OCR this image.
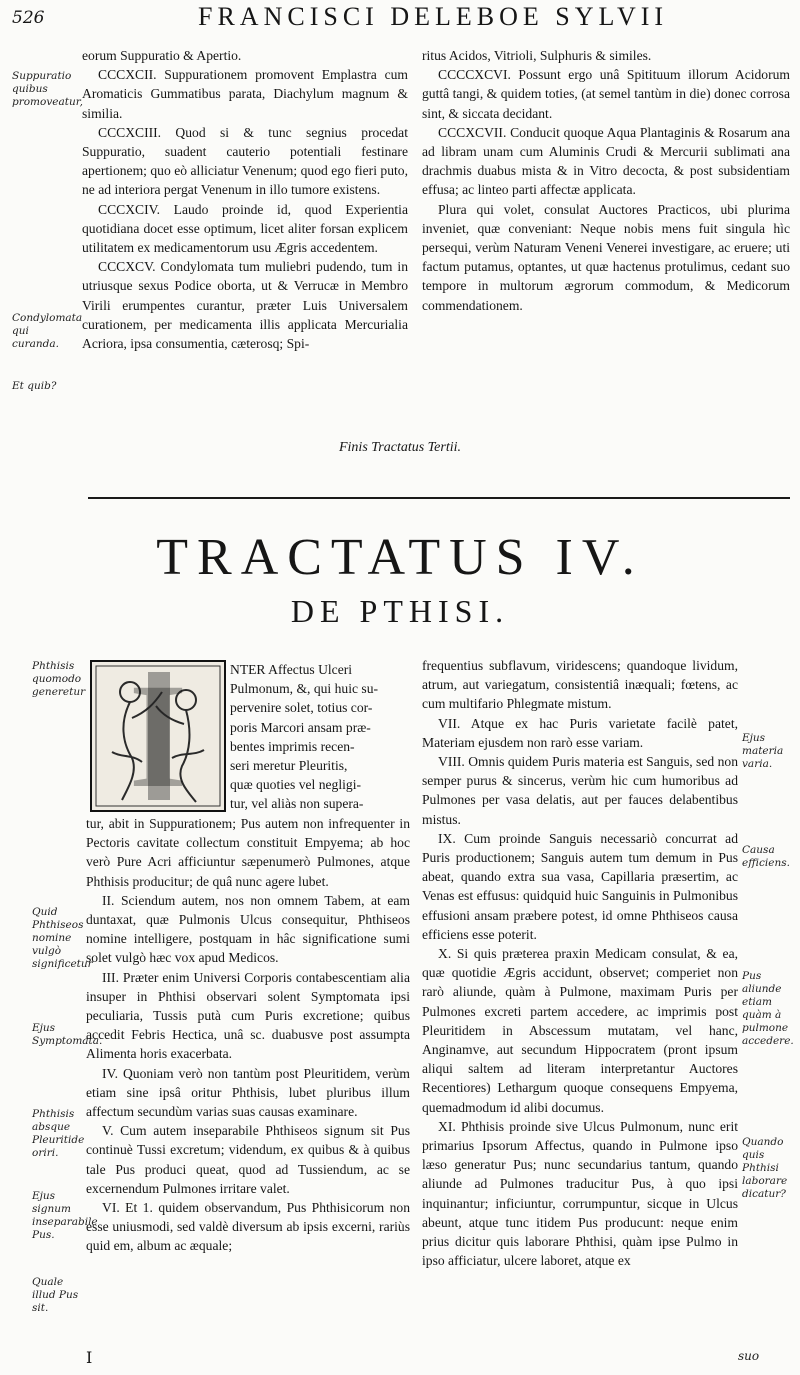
526	FRANCISCI DELEBOE SYLVII
Suppuratio quibus promoveatur,
Condylomata qui curanda.
Et quib?

eorum Suppuratio & Apertio.

CCCXCII. Suppurationem promovent Emplastra cum Aromaticis Gummatibus parata, Diachylum magnum & similia.

CCCXCIII. Quod si & tunc segnius procedat Suppuratio, suadent cauterio potentiali festinare apertionem; quo eò alliciatur Venenum; quod ego fieri puto, ne ad interiora pergat Venenum in illo tumore existens.

CCCXCIV. Laudo proinde id, quod Experientia quotidiana docet esse optimum, licet aliter forsan explicem utilitatem ex medicamentorum usu Ægris accedentem.

CCCXCV. Condylomata tum muliebri pudendo, tum in utriusque sexus Podice oborta, ut & Verrucæ in Membro Virili erumpentes curantur, præter Luis Universalem curationem, per medicamenta illis applicata Mercurialia Acriora, ipsa consumentia, cæterosq; Spi-

ritus Acidos, Vitrioli, Sulphuris & similes.

CCCCXCVI. Possunt ergo unâ Spitituum illorum Acidorum guttâ tangi, & quidem toties, (at semel tantùm in die) donec corrosa sint, & siccata decidant.

CCCXCVII. Conducit quoque Aqua Plantaginis & Rosarum ana ad libram unam cum Aluminis Crudi & Mercurii sublimati ana drachmis duabus mista & in Vitro decocta, & post subsidentiam effusa; ac linteo parti affectæ applicata.

Plura qui volet, consulat Auctores Practicos, ubi plurima inveniet, quæ conveniant: Neque nobis mens fuit singula hìc persequi, verùm Naturam Veneni Venerei investigare, ac eruere; uti factum putamus, optantes, ut quæ hactenus protulimus, cedant suo tempore in multorum ægrorum commodum, & Medicorum commendationem.

Finis Tractatus Tertii.
TRACTATUS IV.
DE PTHISI.
I
Phthisis quomodo generetur
Quid Phthiseos nomine vulgò significetur
Ejus Symptomata.
Phthisis absque Pleuritide oriri.
Ejus signum inseparabile Pus.
Quale illud Pus sit.
Ejus materia varia.
Causa efficiens.
Pus aliunde etiam quàm à pulmone accedere.
Quando quis Phthisi laborare dicatur?

NTER Affectus Ulceri

Pulmonum, &, qui huic su-

pervenire solet, totius cor-

poris Marcori ansam præ-

bentes imprimis recen-

seri meretur Pleuritis,

quæ quoties vel negligi-

tur, vel aliàs non supera-

tur, abit in Suppurationem; Pus autem non infrequenter in Pectoris cavitate collectum constituit Empyema; ab hoc verò Pure Acri afficiuntur sæpenumerò Pulmones, atque Phthisis producitur; de quâ nunc agere lubet.

II. Sciendum autem, nos non omnem Tabem, at eam duntaxat, quæ Pulmonis Ulcus consequitur, Phthiseos nomine intelligere, postquam in hâc significatione sumi solet vulgò hæc vox apud Medicos.

III. Præter enim Universi Corporis contabescentiam alia insuper in Phthisi observari solent Symptomata ipsi peculiaria, Tussis putà cum Puris excretione; quibus accedit Febris Hectica, unâ sc. duabusve post assumpta Alimenta horis exacerbata.

IV. Quoniam verò non tantùm post Pleuritidem, verùm etiam sine ipsâ oritur Phthisis, lubet pluribus illum affectum secundùm varias suas causas examinare.

V. Cum autem inseparabile Phthiseos signum sit Pus continuè Tussi excretum; videndum, ex quibus & à quibus tale Pus produci queat, quod ad Tussiendum, ac se excernendum Pulmones irritare valet.

VI. Et 1. quidem observandum, Pus Phthisicorum non esse uniusmodi, sed valdè diversum ab ipsis excerni, rariùs quid em, album ac æquale;

frequentius subflavum, viridescens; quandoque lividum, atrum, aut variegatum, consistentiâ inæquali; fœtens, ac cum multifario Phlegmate mistum.

VII. Atque ex hac Puris varietate facilè patet, Materiam ejusdem non rarò esse variam.

VIII. Omnis quidem Puris materia est Sanguis, sed non semper purus & sincerus, verùm hic cum humoribus ad Pulmones per vasa delatis, aut per fauces delabentibus mistus.

IX. Cum proinde Sanguis necessariò concurrat ad Puris productionem; Sanguis autem tum demum in Pus abeat, quando extra sua vasa, Capillaria præsertim, ac Venas est effusus: quidquid huic Sanguinis in Pulmonibus effusioni ansam præbere potest, id omne Phthiseos causa efficiens esse poterit.

X. Si quis præterea praxin Medicam consulat, & ea, quæ quotidie Ægris accidunt, observet; comperiet non rarò aliunde, quàm à Pulmone, maximam Puris per Pulmones excreti partem accedere, ac imprimis post Pleuritidem in Abscessum mutatam, vel hanc, Anginamve, aut secundum Hippocratem (pront ipsum aliqui saltem ad literam interpretantur Auctores Recentiores) Lethargum quoque consequens Empyema, quemadmodum id alibi documus.

XI. Phthisis proinde sive Ulcus Pulmonum, nunc erit primarius Ipsorum Affectus, quando in Pulmone ipso læso generatur Pus; nunc secundarius tantum, quando aliunde ad Pulmones traducitur Pus, à quo ipsi inquinantur; inficiuntur, corrumpuntur, sicque in Ulcus abeunt, atque tunc itidem Pus producunt: neque enim prius dicitur quis laborare Phthisi, quàm ipse Pulmo in ipso afficiatur, ulcere laboret, atque ex

suo
I
